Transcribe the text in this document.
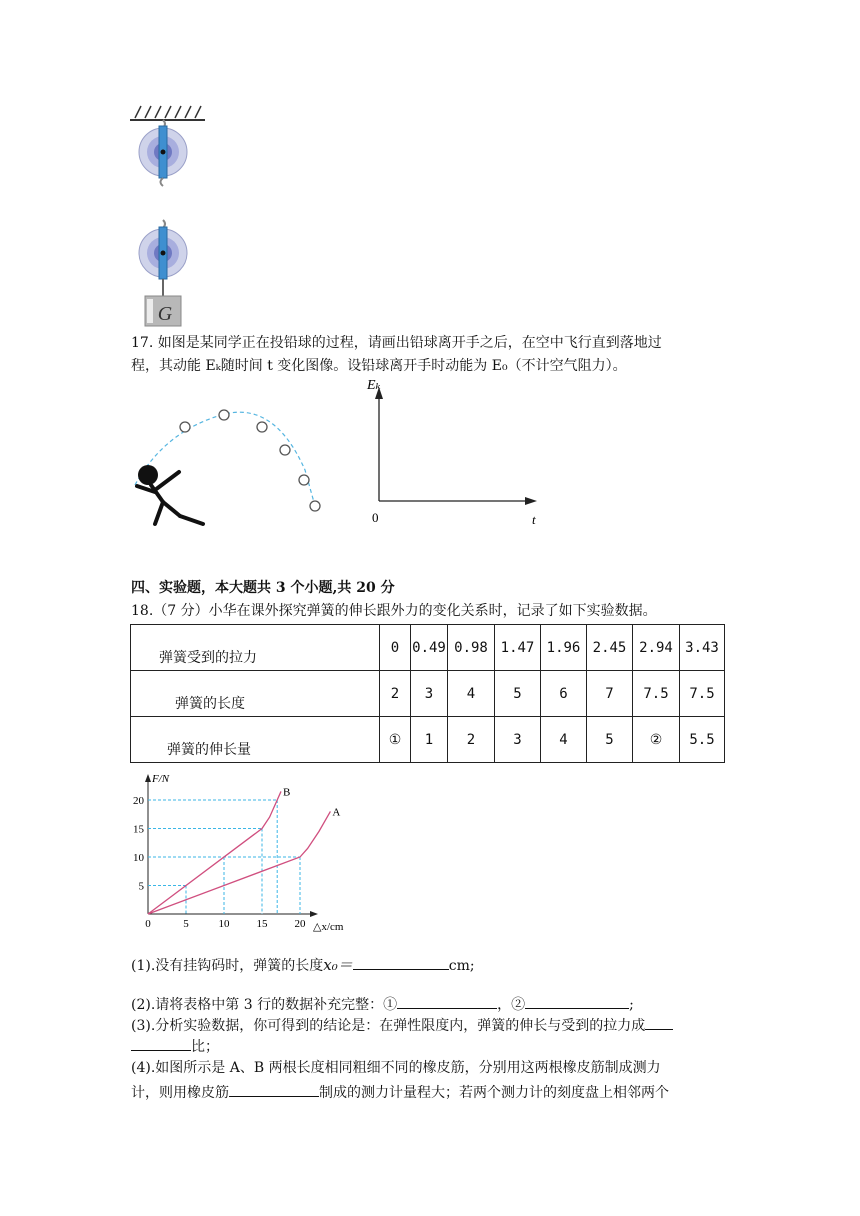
G
17. 如图是某同学正在投铅球的过程，请画出铅球离开手之后，在空中飞行直到落地过
程，其动能 Eₖ随时间 t 变化图像。设铅球离开手时动能为 E₀（不计空气阻力）。
Eₖ
0	t
四、实验题，本大题共 3 个小题,共 20 分
18.（7 分）小华在课外探究弹簧的伸长跟外力的变化关系时，记录了如下实验数据。
弹簧受到的拉力	0	0.49	0.98	1.47	1.96	2.45	2.94	3.43
弹簧的长度	2	3	4	5	6	7	7.5	7.5
弹簧的伸长量	①	1	2	3	4	5	②	5.5
F/N
△x/cm
0	5	10 15 20
5
10
15
20
A
B
(1).没有挂钩码时，弹簧的长度x₀＝	cm;
(2).请将表格中第 3 行的数据补充完整：①	，②	;
(3).分析实验数据，你可得到的结论是：在弹性限度内，弹簧的伸长与受到的拉力成
比；
(4).如图所示是 A、B 两根长度相同粗细不同的橡皮筋，分别用这两根橡皮筋制成测力
计，则用橡皮筋	制成的测力计量程大；若两个测力计的刻度盘上相邻两个
